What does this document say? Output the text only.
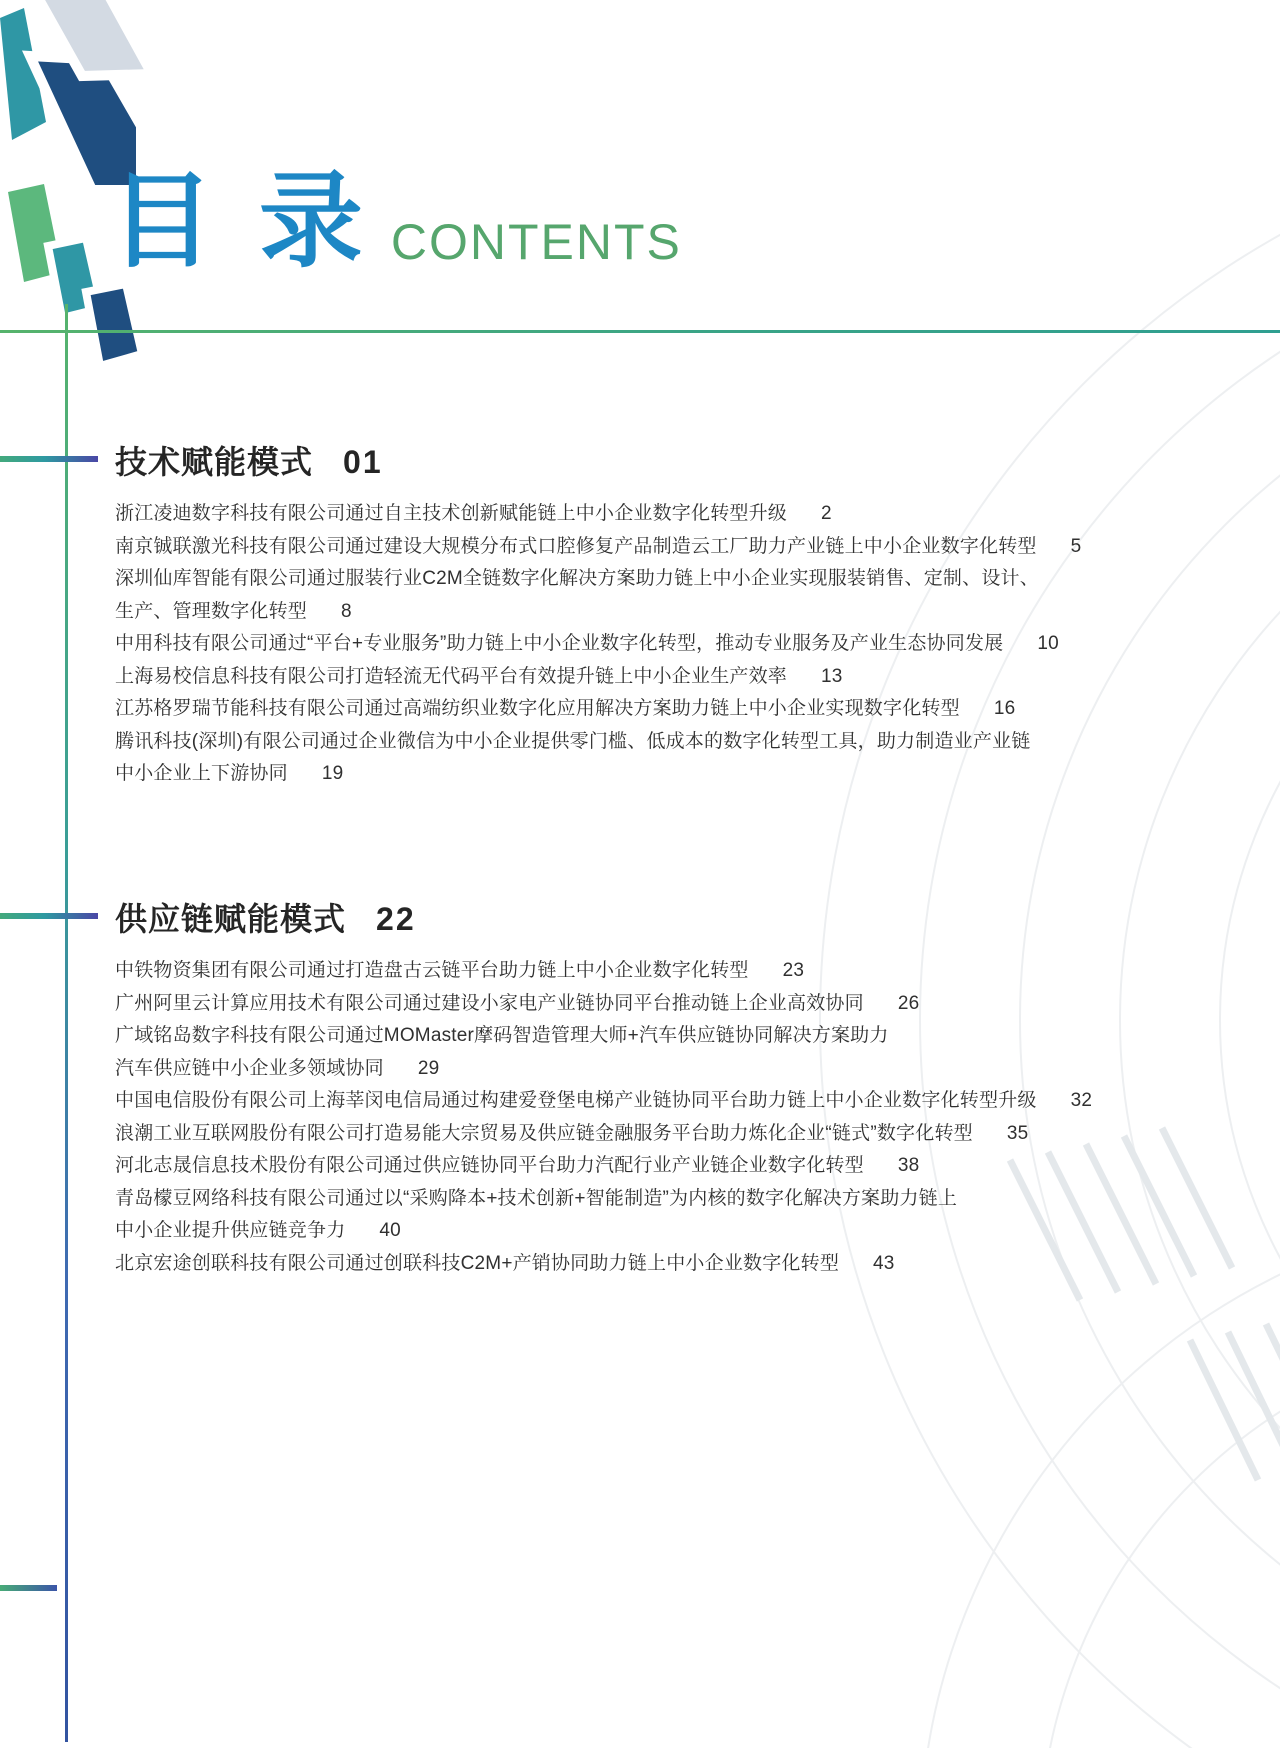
目 录 CONTENTS
技术赋能模式 01
浙江凌迪数字科技有限公司通过自主技术创新赋能链上中小企业数字化转型升级 2
南京铖联激光科技有限公司通过建设大规模分布式口腔修复产品制造云工厂助力产业链上中小企业数字化转型 5
深圳仙库智能有限公司通过服装行业C2M全链数字化解决方案助力链上中小企业实现服装销售、定制、设计、
生产、管理数字化转型 8
中用科技有限公司通过“平台+专业服务”助力链上中小企业数字化转型，推动专业服务及产业生态协同发展 10
上海易校信息科技有限公司打造轻流无代码平台有效提升链上中小企业生产效率 13
江苏格罗瑞节能科技有限公司通过高端纺织业数字化应用解决方案助力链上中小企业实现数字化转型 16
腾讯科技(深圳)有限公司通过企业微信为中小企业提供零门槛、低成本的数字化转型工具，助力制造业产业链
中小企业上下游协同 19
供应链赋能模式 22
中铁物资集团有限公司通过打造盘古云链平台助力链上中小企业数字化转型 23
广州阿里云计算应用技术有限公司通过建设小家电产业链协同平台推动链上企业高效协同 26
广域铭岛数字科技有限公司通过MOMaster摩码智造管理大师+汽车供应链协同解决方案助力
汽车供应链中小企业多领域协同 29
中国电信股份有限公司上海莘闵电信局通过构建爱登堡电梯产业链协同平台助力链上中小企业数字化转型升级 32
浪潮工业互联网股份有限公司打造易能大宗贸易及供应链金融服务平台助力炼化企业“链式”数字化转型 35
河北志晟信息技术股份有限公司通过供应链协同平台助力汽配行业产业链企业数字化转型 38
青岛檬豆网络科技有限公司通过以“采购降本+技术创新+智能制造”为内核的数字化解决方案助力链上
中小企业提升供应链竞争力 40
北京宏途创联科技有限公司通过创联科技C2M+产销协同助力链上中小企业数字化转型 43
